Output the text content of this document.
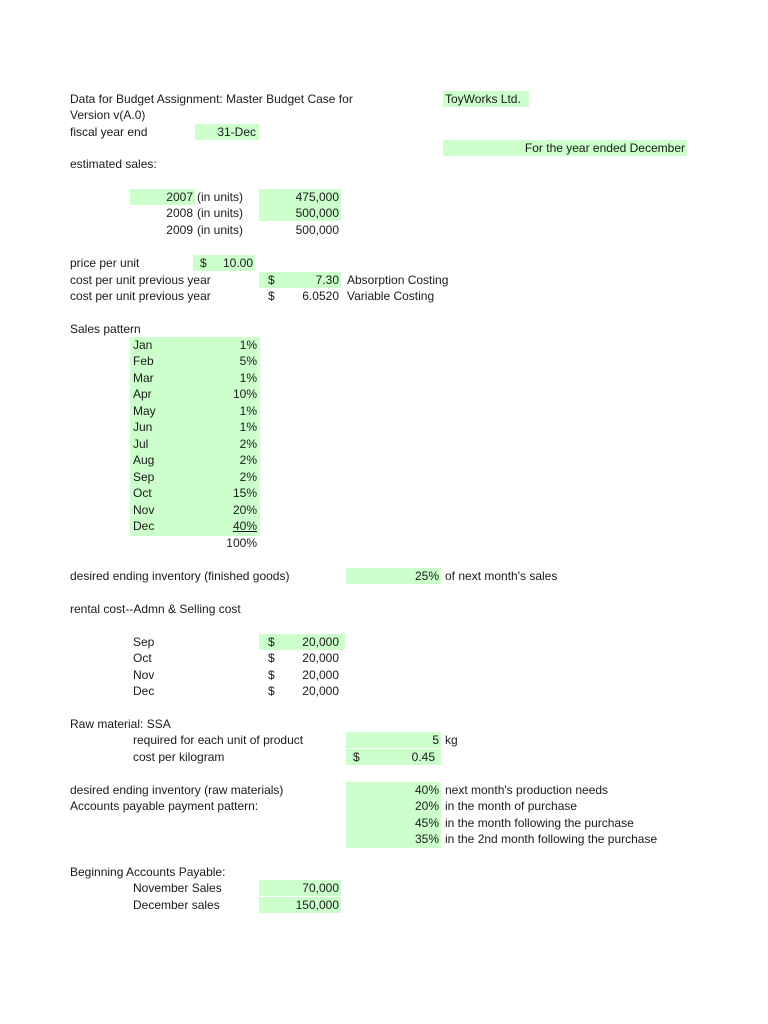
Data for Budget Assignment: Master Budget Case for	ToyWorks Ltd.
Version v(A.0)
fiscal year end	31-Dec
For the year ended December
estimated sales:
2007 (in units)	475,000
2008 (in units)	500,000
2009 (in units)	500,000
price per unit	$	10.00
cost per unit previous year	$	7.30 Absorption Costing
cost per unit previous year	$	6.0520 Variable Costing
Sales pattern
Jan	1%
Feb	5%
Mar	1%
Apr	10%
May	1%
Jun	1%
Jul	2%
Aug	2%
Sep	2%
Oct	15%
Nov	20%
Dec	40%
100%
desired ending inventory (finished goods)	25% of next month's sales
rental cost--Admn & Selling cost
Sep	$	20,000
Oct	$	20,000
Nov	$	20,000
Dec	$	20,000
Raw material: SSA
required for each unit of product	5 kg
cost per kilogram	$	0.45
desired ending inventory (raw materials)	40% next month's production needs
Accounts payable payment pattern:	20% in the month of purchase
45% in the month following the purchase
35% in the 2nd month following the purchase
Beginning Accounts Payable:
November Sales	70,000
December sales	150,000
